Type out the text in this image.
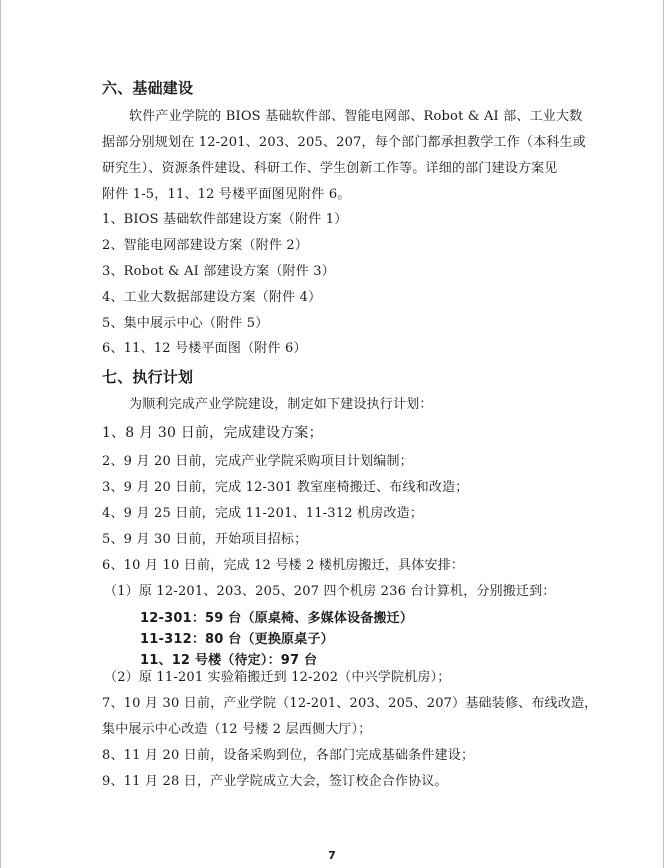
六、基础建设
软件产业学院的 BIOS 基础软件部、智能电网部、Robot & AI 部、工业大数
据部分别规划在 12-201、203、205、207，每个部门都承担教学工作（本科生或
研究生）、资源条件建设、科研工作、学生创新工作等。详细的部门建设方案见
附件 1-5，11、12 号楼平面图见附件 6。
1、BIOS 基础软件部建设方案（附件 1）
2、智能电网部建设方案（附件 2）
3、Robot & AI 部建设方案（附件 3）
4、工业大数据部建设方案（附件 4）
5、集中展示中心（附件 5）
6、11、12 号楼平面图（附件 6）
七、执行计划
为顺利完成产业学院建设，制定如下建设执行计划：
1、8 月 30 日前，完成建设方案；
2、9 月 20 日前，完成产业学院采购项目计划编制；
3、9 月 20 日前，完成 12-301 教室座椅搬迁、布线和改造；
4、9 月 25 日前，完成 11-201、11-312 机房改造；
5、9 月 30 日前，开始项目招标；
6、10 月 10 日前，完成 12 号楼 2 楼机房搬迁，具体安排：
（1）原 12-201、203、205、207 四个机房 236 台计算机，分别搬迁到：
12-301：59 台（原桌椅、多媒体设备搬迁）
11-312：80 台（更换原桌子）
11、12 号楼（待定）：97 台
（2）原 11-201 实验箱搬迁到 12-202（中兴学院机房）；
7、10 月 30 日前，产业学院（12-201、203、205、207）基础装修、布线改造，
集中展示中心改造（12 号楼 2 层西侧大厅）；
8、11 月 20 日前，设备采购到位，各部门完成基础条件建设；
9、11 月 28 日，产业学院成立大会，签订校企合作协议。
7
